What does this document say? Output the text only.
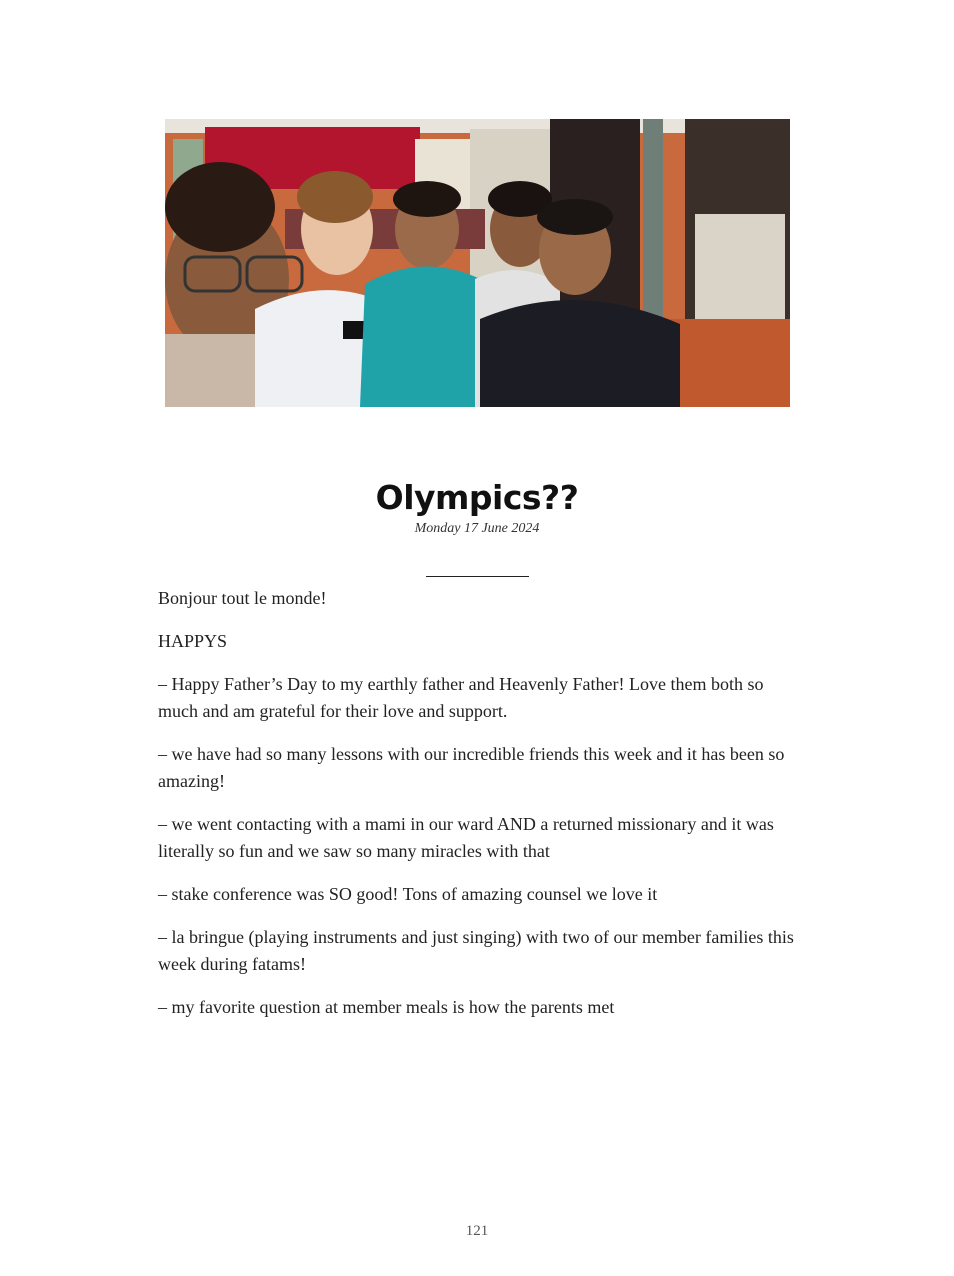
Olympics??
Monday 17 June 2024

Bonjour tout le monde!

HAPPYS

– Happy Father’s Day to my earthly father and Heavenly Father! Love them both so much and am grateful for their love and support.

– we have had so many lessons with our incredible friends this week and it has been so amazing!

– we went contacting with a mami in our ward AND a returned missionary and it was literally so fun and we saw so many miracles with that

– stake conference was SO good! Tons of amazing counsel we love it

– la bringue (playing instruments and just singing) with two of our member families this week during fatams!

– my favorite question at member meals is how the parents met

121
